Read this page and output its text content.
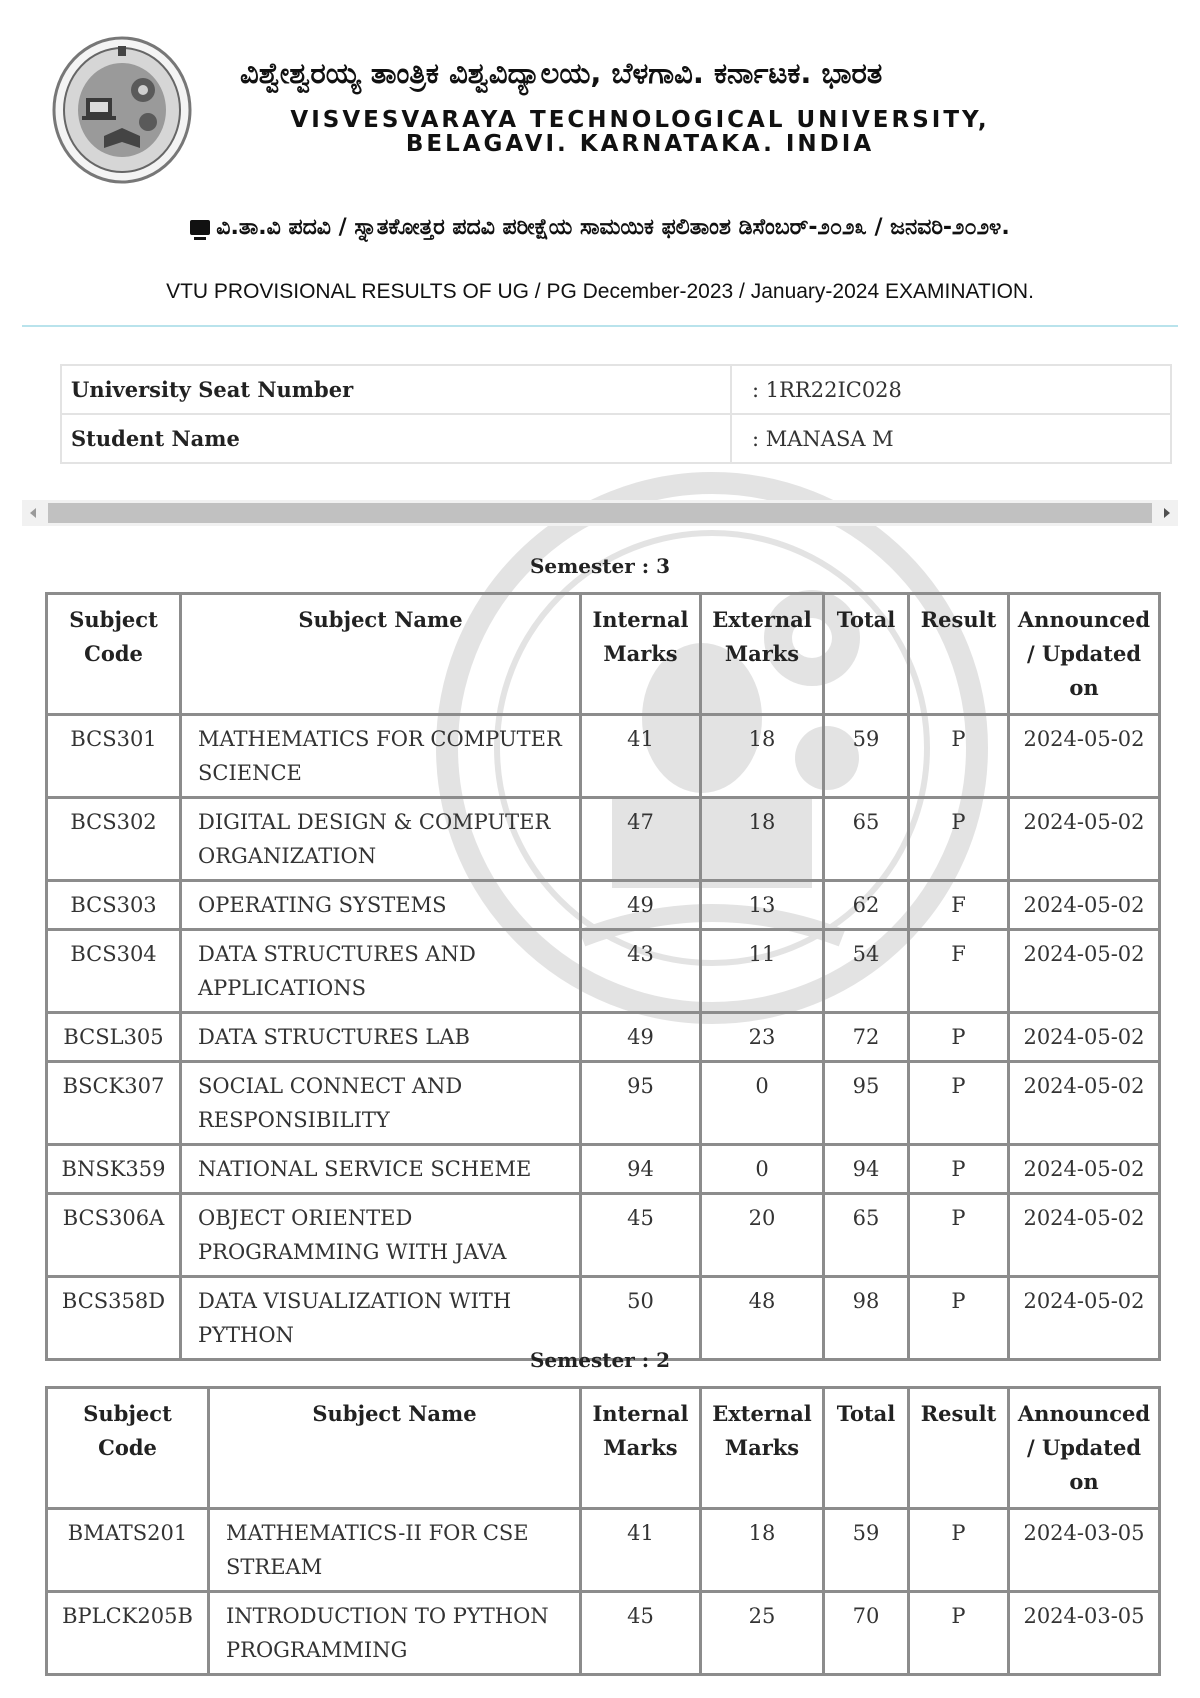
ವಿಶ್ವೇಶ್ವರಯ್ಯ ತಾಂತ್ರಿಕ ವಿಶ್ವವಿದ್ಯಾಲಯ, ಬೆಳಗಾವಿ. ಕರ್ನಾಟಕ. ಭಾರತ
VISVESVARAYA TECHNOLOGICAL UNIVERSITY,
BELAGAVI. KARNATAKA. INDIA
ವಿ.ತಾ.ವಿ ಪದವಿ / ಸ್ನಾತಕೋತ್ತರ ಪದವಿ ಪರೀಕ್ಷೆಯ ಸಾಮಯಿಕ ಫಲಿತಾಂಶ ಡಿಸೆಂಬರ್-೨೦೨೩ / ಜನವರಿ-೨೦೨೪.
VTU PROVISIONAL RESULTS OF UG / PG December-2023 / January-2024 EXAMINATION.
University Seat Number	: 1RR22IC028
Student Name	: MANASA M
Semester : 3
Subject Code	Subject Name	Internal Marks	External Marks	Total	Result	Announced / Updated on
BCS301	MATHEMATICS FOR COMPUTER SCIENCE	41	18	59	P	2024-05-02
BCS302	DIGITAL DESIGN & COMPUTER ORGANIZATION	47	18	65	P	2024-05-02
BCS303	OPERATING SYSTEMS	49	13	62	F	2024-05-02
BCS304	DATA STRUCTURES AND APPLICATIONS	43	11	54	F	2024-05-02
BCSL305	DATA STRUCTURES LAB	49	23	72	P	2024-05-02
BSCK307	SOCIAL CONNECT AND RESPONSIBILITY	95	0	95	P	2024-05-02
BNSK359	NATIONAL SERVICE SCHEME	94	0	94	P	2024-05-02
BCS306A	OBJECT ORIENTED PROGRAMMING WITH JAVA	45	20	65	P	2024-05-02
BCS358D	DATA VISUALIZATION WITH PYTHON	50	48	98	P	2024-05-02
Semester : 2
Subject Code	Subject Name	Internal Marks	External Marks	Total	Result	Announced / Updated on
BMATS201	MATHEMATICS-II FOR CSE STREAM	41	18	59	P	2024-03-05
BPLCK205B	INTRODUCTION TO PYTHON PROGRAMMING	45	25	70	P	2024-03-05
